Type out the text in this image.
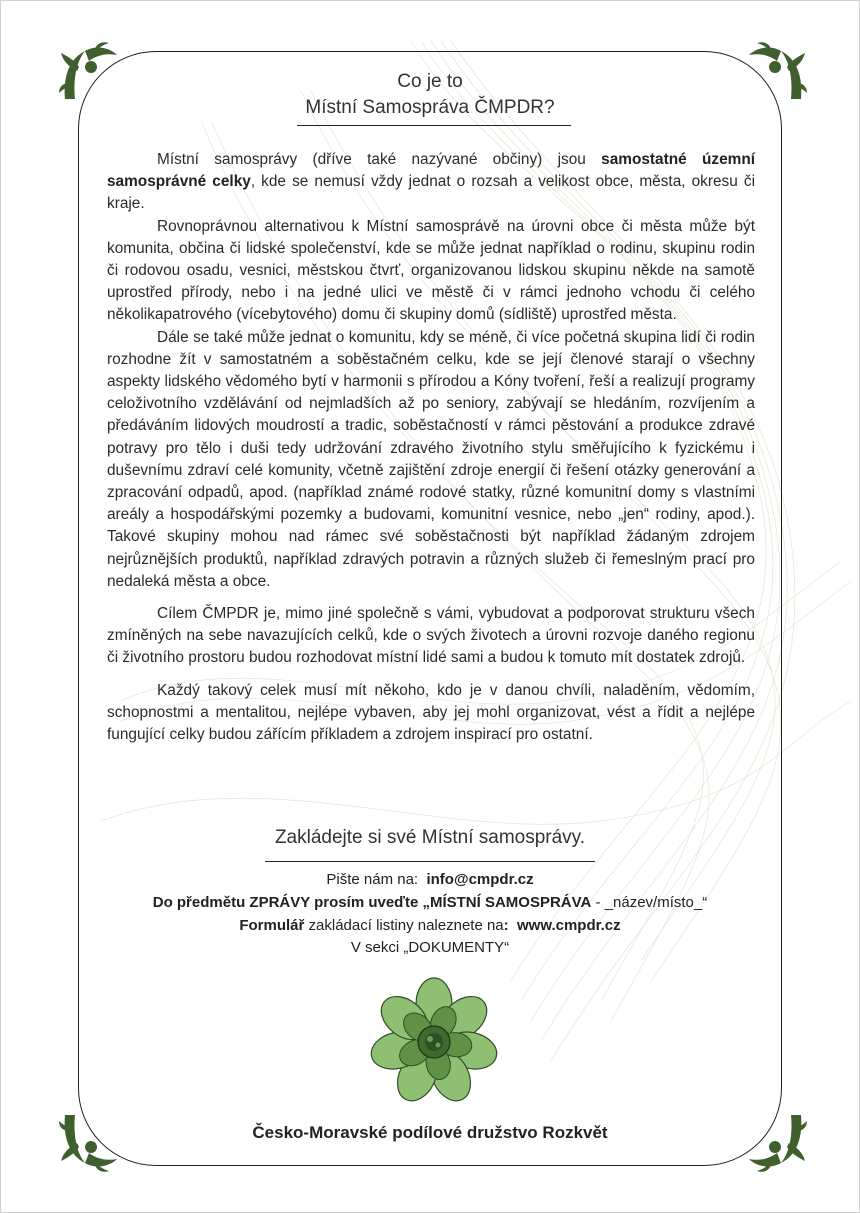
Co je to
Místní Samospráva ČMPDR?

Místní samosprávy (dříve také nazývané občiny) jsou samostatné územní samosprávné celky, kde se nemusí vždy jednat o rozsah a velikost obce, města, okresu či kraje.

Rovnoprávnou alternativou k Místní samosprávě na úrovni obce či města může být komunita, občina či lidské společenství, kde se může jednat například o rodinu, skupinu rodin či rodovou osadu, vesnici, městskou čtvrť, organizovanou lidskou skupinu někde na samotě uprostřed přírody, nebo i na jedné ulici ve městě či v rámci jednoho vchodu či celého několikapatrového (vícebytového) domu či skupiny domů (sídliště) uprostřed města.

Dále se také může jednat o komunitu, kdy se méně, či více početná skupina lidí či rodin rozhodne žít v samostatném a soběstačném celku, kde se její členové starají o všechny aspekty lidského vědomého bytí v harmonii s přírodou a Kóny tvoření, řeší a realizují programy celoživotního vzdělávání od nejmladších až po seniory, zabývají se hledáním, rozvíjením a předáváním lidových moudrostí a tradic, soběstačností v rámci pěstování a produkce zdravé potravy pro tělo i duši tedy udržování zdravého životního stylu směřujícího k fyzickému i duševnímu zdraví celé komunity, včetně zajištění zdroje energií či řešení otázky generování a zpracování odpadů, apod. (například známé rodové statky, různé komunitní domy s vlastními areály a hospodářskými pozemky a budovami, komunitní vesnice, nebo „jen“ rodiny, apod.). Takové skupiny mohou nad rámec své soběstačnosti být například žádaným zdrojem nejrůznějších produktů, například zdravých potravin a různých služeb či řemeslným prací pro nedaleká města a obce.

Cílem ČMPDR je, mimo jiné společně s vámi, vybudovat a podporovat strukturu všech zmíněných na sebe navazujících celků, kde o svých životech a úrovni rozvoje daného regionu či životního prostoru budou rozhodovat místní lidé sami a budou k tomuto mít dostatek zdrojů.

Každý takový celek musí mít někoho, kdo je v danou chvíli, naladěním, vědomím, schopnostmi a mentalitou, nejlépe vybaven, aby jej mohl organizovat, vést a řídit a nejlépe fungující celky budou zářícím příkladem a zdrojem inspirací pro ostatní.

Zakládejte si své Místní samosprávy.
Pište nám na: info@cmpdr.cz
Do předmětu ZPRÁVY prosím uveďte „MÍSTNÍ SAMOSPRÁVA - _název/místo_“
Formulář zakládací listiny naleznete na: www.cmpdr.cz
V sekci „DOKUMENTY“
Česko-Moravské podílové družstvo Rozkvět
